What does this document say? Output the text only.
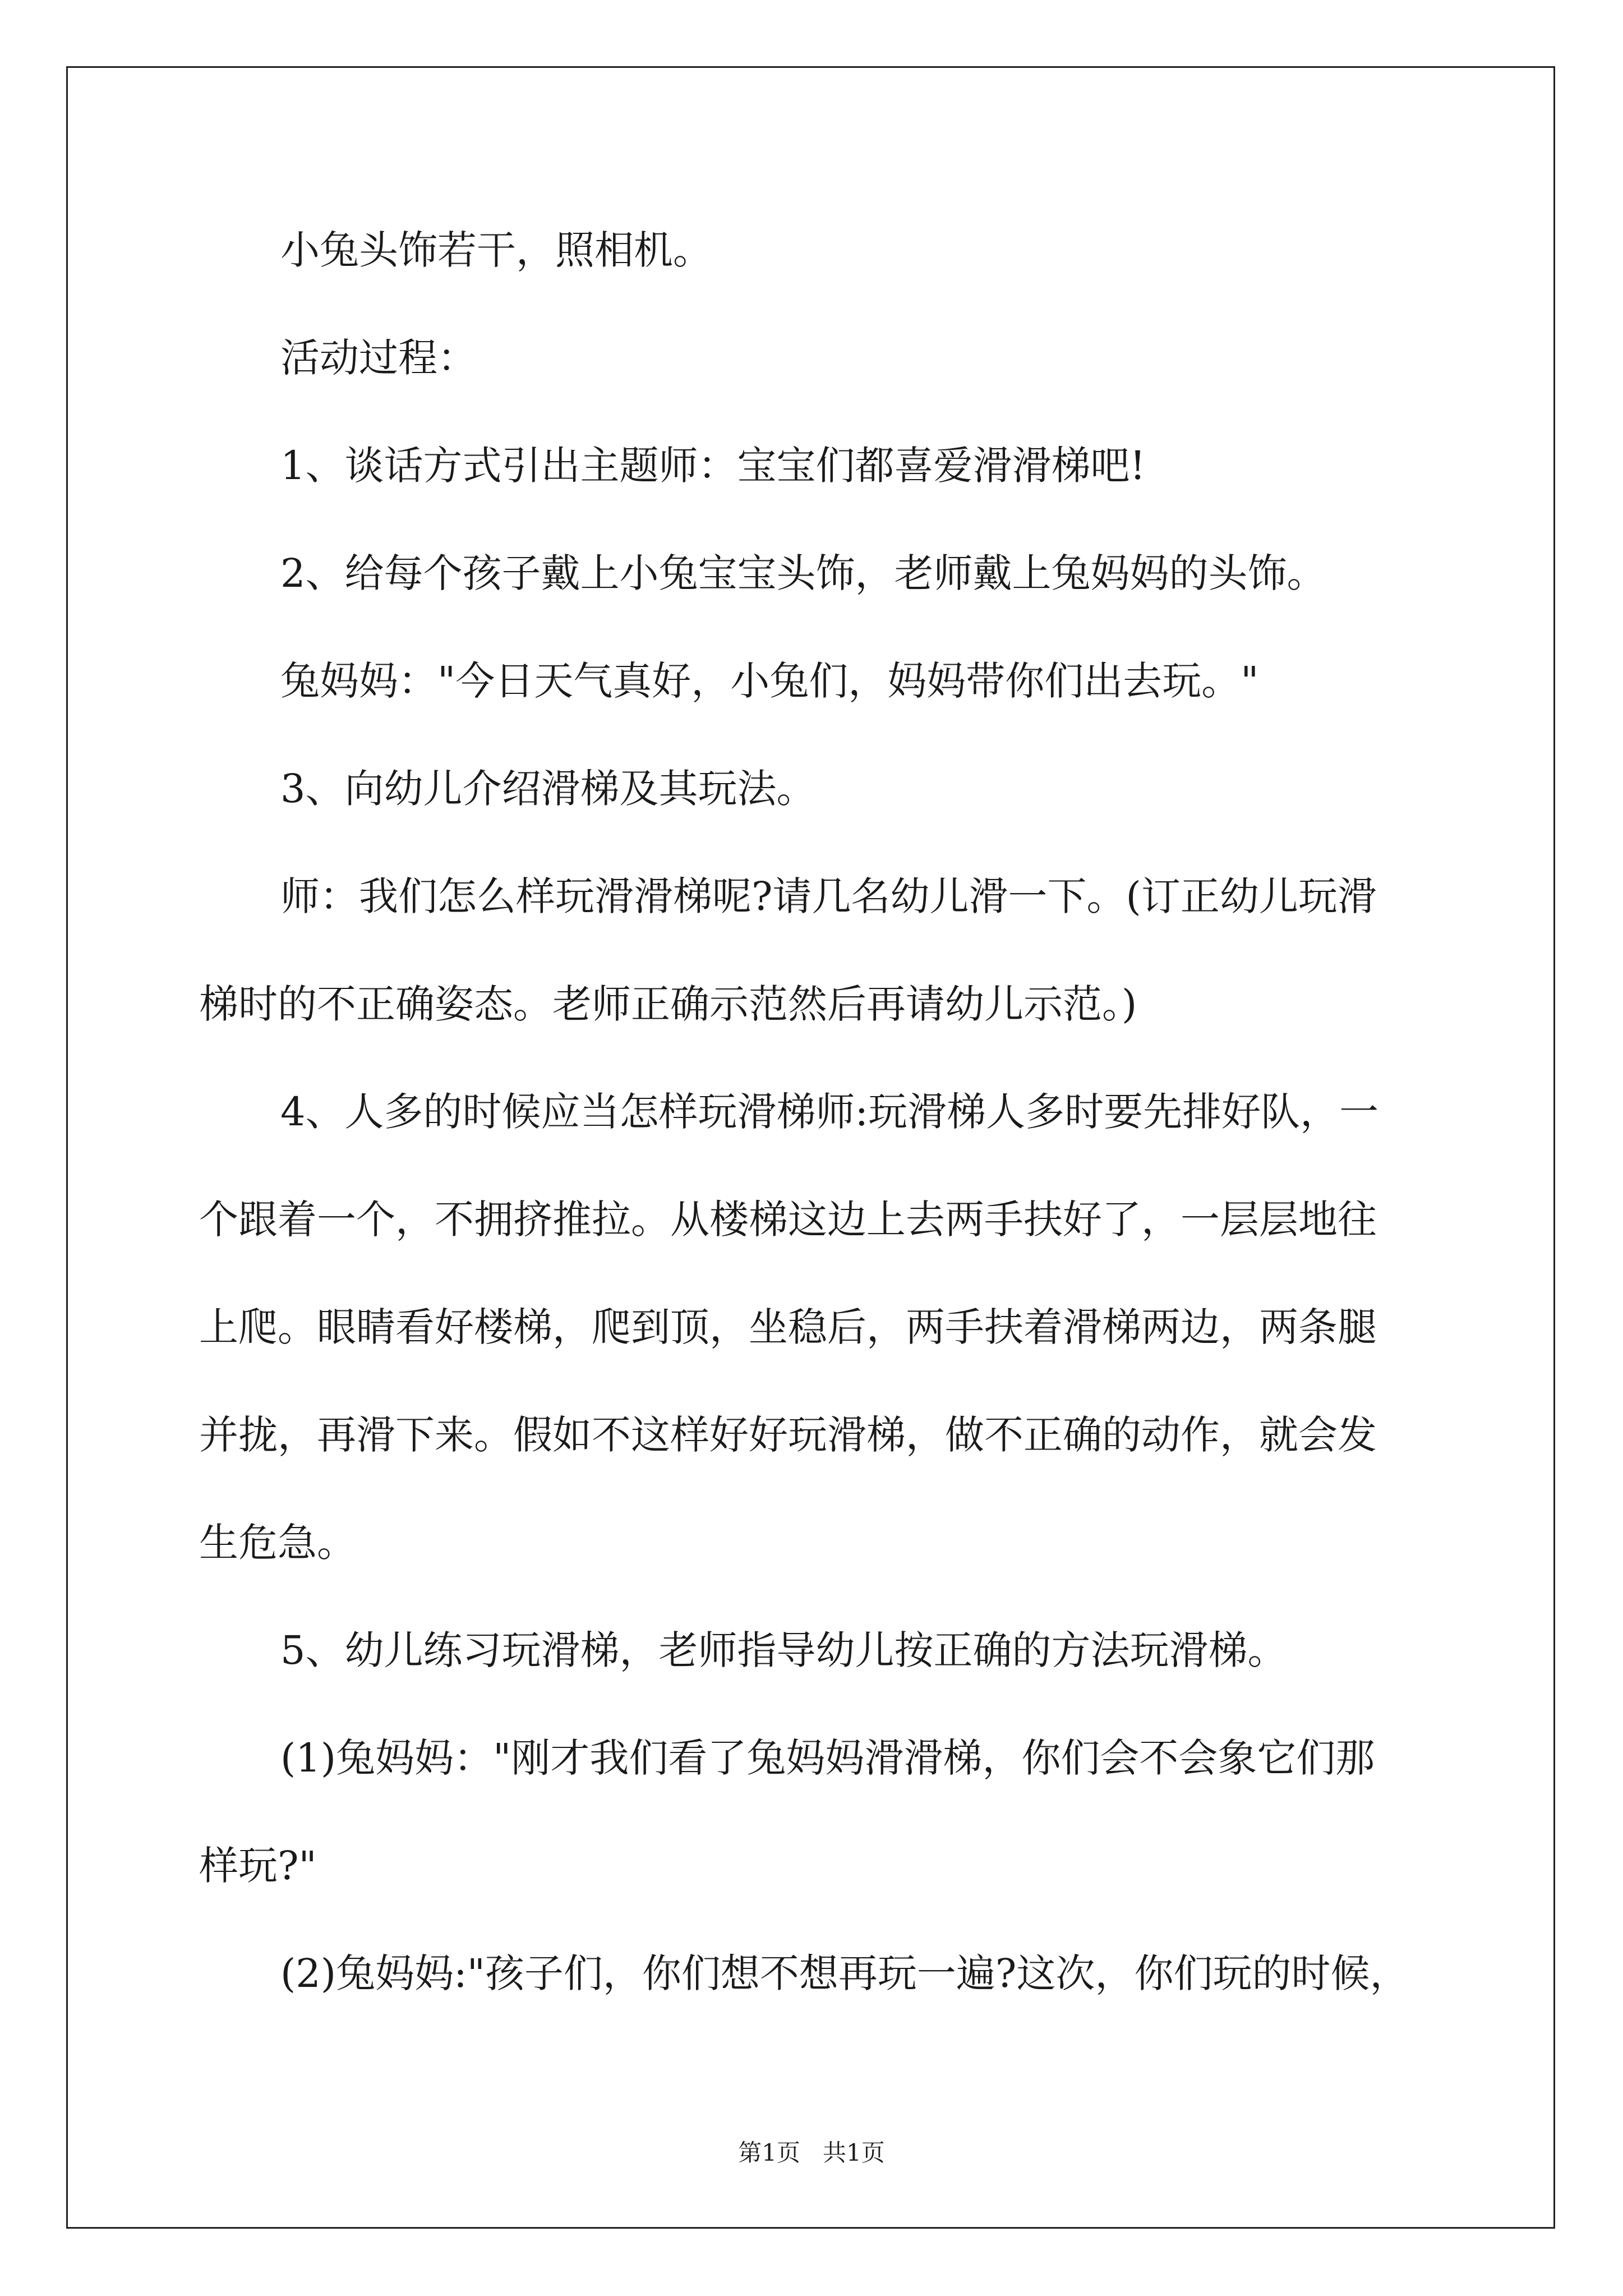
小兔头饰若干，照相机。
活动过程：
1、谈话方式引出主题师：宝宝们都喜爱滑滑梯吧!
2、给每个孩子戴上小兔宝宝头饰，老师戴上兔妈妈的头饰。
兔妈妈："今日天气真好，小兔们，妈妈带你们出去玩。"
3、向幼儿介绍滑梯及其玩法。
师：我们怎么样玩滑滑梯呢?请几名幼儿滑一下。(订正幼儿玩滑
梯时的不正确姿态。老师正确示范然后再请幼儿示范。)
4、人多的时候应当怎样玩滑梯师:玩滑梯人多时要先排好队，一
个跟着一个，不拥挤推拉。从楼梯这边上去两手扶好了，一层层地往
上爬。眼睛看好楼梯，爬到顶，坐稳后，两手扶着滑梯两边，两条腿
并拢，再滑下来。假如不这样好好玩滑梯，做不正确的动作，就会发
生危急。
5、幼儿练习玩滑梯，老师指导幼儿按正确的方法玩滑梯。
(1)兔妈妈："刚才我们看了兔妈妈滑滑梯，你们会不会象它们那
样玩?"
(2)兔妈妈:"孩子们，你们想不想再玩一遍?这次，你们玩的时候，
第1页 共1页
